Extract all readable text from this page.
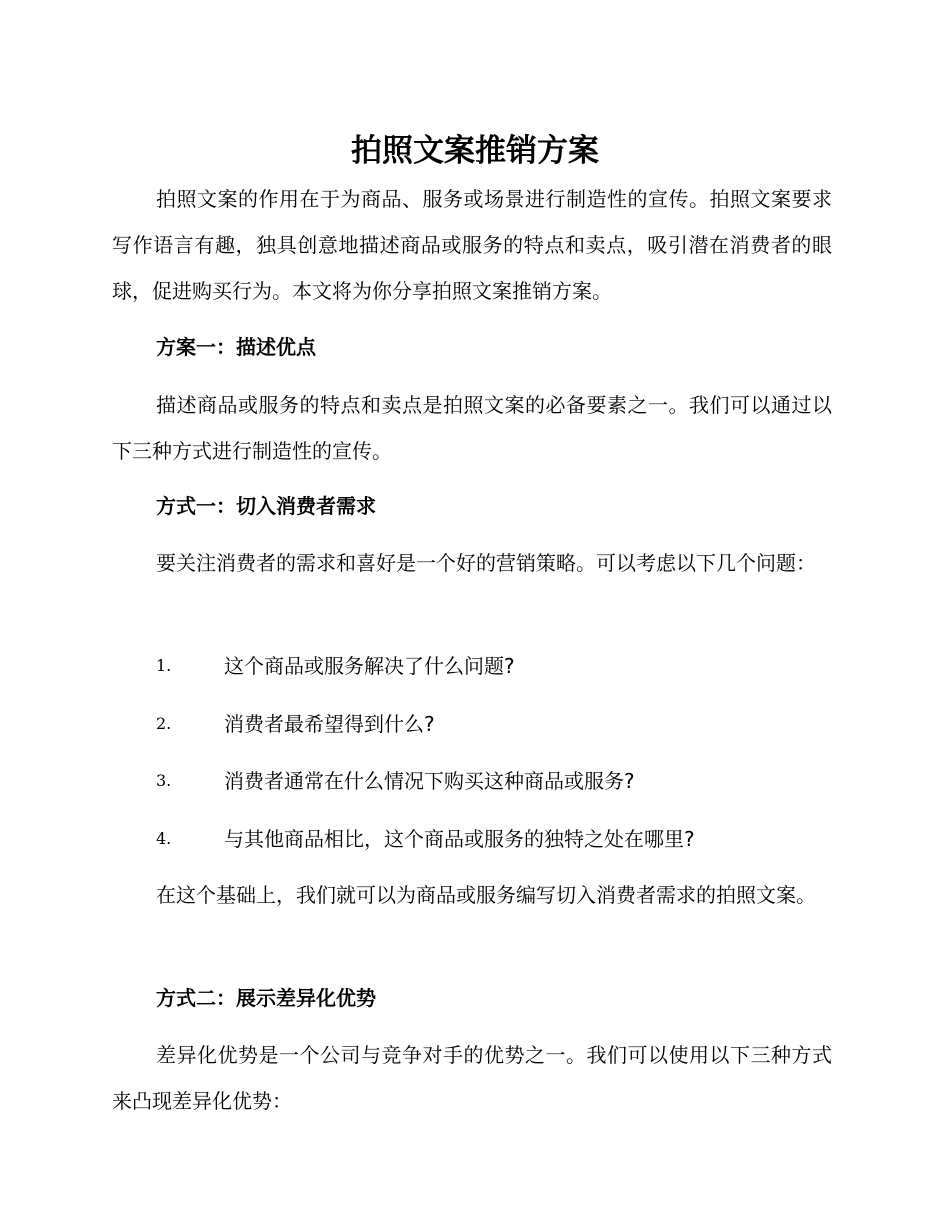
拍照文案推销方案

拍照文案的作用在于为商品、服务或场景进行制造性的宣传。拍照文案要求写作语言有趣，独具创意地描述商品或服务的特点和卖点，吸引潜在消费者的眼球，促进购买行为。本文将为你分享拍照文案推销方案。

方案一：描述优点

描述商品或服务的特点和卖点是拍照文案的必备要素之一。我们可以通过以下三种方式进行制造性的宣传。

方式一：切入消费者需求

要关注消费者的需求和喜好是一个好的营销策略。可以考虑以下几个问题：

1.	这个商品或服务解决了什么问题?
2.	消费者最希望得到什么?
3.	消费者通常在什么情况下购买这种商品或服务?
4.	与其他商品相比，这个商品或服务的独特之处在哪里?

在这个基础上，我们就可以为商品或服务编写切入消费者需求的拍照文案。

方式二：展示差异化优势

差异化优势是一个公司与竞争对手的优势之一。我们可以使用以下三种方式来凸现差异化优势：
